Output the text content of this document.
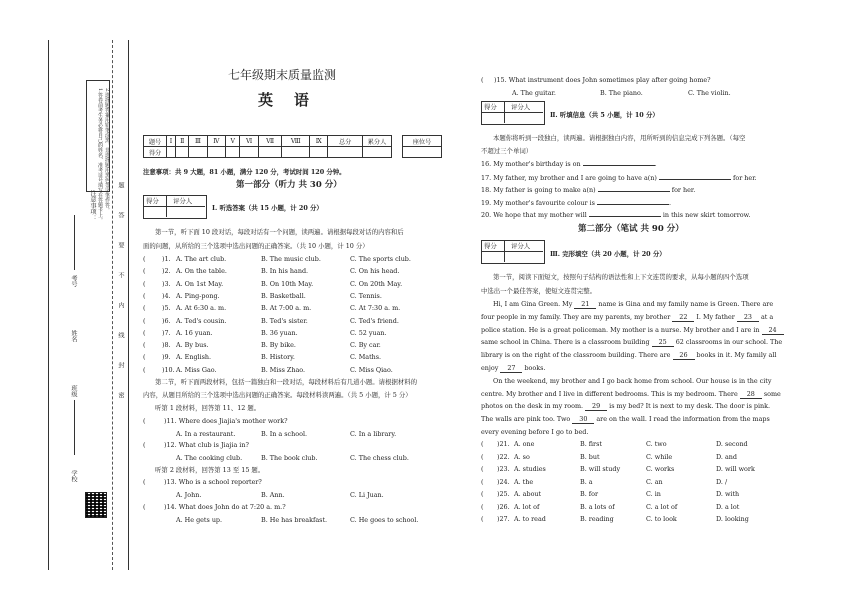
注意事项： 1.答卷前考生务必将自己的姓名、准考证号填写在答题卡上。 2.选择题答案用铅笔涂黑，非选择题用黑色签字笔作答。 题
答
要
不
内
线
封
密
考号
姓名
班级
学校
七年级期末质量监测
英    语
题号	Ⅰ	Ⅱ	Ⅲ	Ⅳ	Ⅴ	Ⅵ	Ⅶ	Ⅷ	Ⅸ	总分	累分人
得分											
座位号

注意事项：共 9 大题，81 小题，满分 120 分，考试时间 120 分钟。
第一部分（听力 共 30 分）
得分 评分人
Ⅰ. 听选答案（共 15 小题，计 20 分）
第一节，听下面 10 段对话，每段对话有一个问题，读两遍。请根据每段对话的内容和后
面的问题，从所给的三个选项中选出问题的正确答案。（共 10 小题，计 10 分）
(	)1. A. The art club.	B. The music club.	C. The sports club.
(	)2. A. On the table.	B. In his hand.	C. On his head.
(	)3. A. On 1st May.	B. On 10th May.	C. On 20th May.
(	)4. A. Ping-pong.	B. Basketball.	C. Tennis.
(	)5. A. At 6:30 a. m.	B. At 7:00 a. m.	C. At 7:30 a. m.
(	)6. A. Ted's cousin.	B. Ted's sister.	C. Ted's friend.
(	)7. A. 16 yuan.	B. 36 yuan.	C. 52 yuan.
(	)8. A. By bus.	B. By bike.	C. By car.
(	)9. A. English.	B. History.	C. Maths.
(	)10. A. Miss Gao.	B. Miss Zhao.	C. Miss Qiao.
第二节，听下面两段材料，包括一篇独白和一段对话，每段材料后有几道小题。请根据材料的
内容，从题目所给的三个选项中选出问题的正确答案。每段材料读两遍。（共 5 小题，计 5 分）
听第 1 段材料，回答第 11、12 题。
(	)11. Where does Jiajia's mother work?
A. In a restaurant.	B. In a school.	C. In a library.
(	)12. What club is Jiajia in?
A. The cooking club.	B. The book club.	C. The chess club.
听第 2 段材料，回答第 13 至 15 题。
(	)13. Who is a school reporter?
A. John.	B. Ann.	C. Li Juan.
(	)14. What does John do at 7:20 a. m.?
A. He gets up.	B. He has breakfast.	C. He goes to school.
( )15. What instrument does John sometimes play after going home?
A. The guitar.	B. The piano.	C. The violin.
得分 评分人
Ⅱ. 听填信息（共 5 小题，计 10 分）
本题你将听到一段独白，读两遍。请根据独白内容，用所听到的信息完成下列各题。（每空
不超过三个单词）
16. My mother's birthday is on	.
17. My father, my brother and I are going to have a(n)	for her.
18. My father is going to make a(n)	for her.
19. My mother's favourite colour is	.
20. We hope that my mother will	in this new skirt tomorrow.
第二部分（笔试 共 90 分）
得分 评分人
Ⅲ. 完形填空（共 20 小题，计 20 分）
第一节，阅读下面短文，按照句子结构的语法性和上下文连贯的要求，从每小题的四个选项
中选出一个最佳答案，使短文连贯完整。
Hi, I am Gina Green. My 21 name is Gina and my family name is Green. There are
four people in my family. They are my parents, my brother 22 I. My father 23 at a
police station. He is a great policeman. My mother is a nurse. My brother and I are in 24
same school in China. There is a classroom building 25 62 classrooms in our school. The
library is on the right of the classroom building. There are 26 books in it. My family all
enjoy 27 books.
On the weekend, my brother and I go back home from school. Our house is in the city
centre. My brother and I live in different bedrooms. This is my bedroom. There 28 some
photos on the desk in my room. 29 is my bed? It is next to my desk. The door is pink.
The walls are pink too. Two 30 are on the wall. I read the information from the maps
every evening before I go to bed.
( )21. A. one	B. first	C. two	D. second
( )22. A. so	B. but	C. while	D. and
( )23. A. studies	B. will study	C. works	D. will work
( )24. A. the	B. a	C. an	D. /
( )25. A. about	B. for	C. in	D. with
( )26. A. lot of	B. a lots of	C. a lot of	D. a lot
( )27. A. to read	B. reading	C. to look	D. looking
